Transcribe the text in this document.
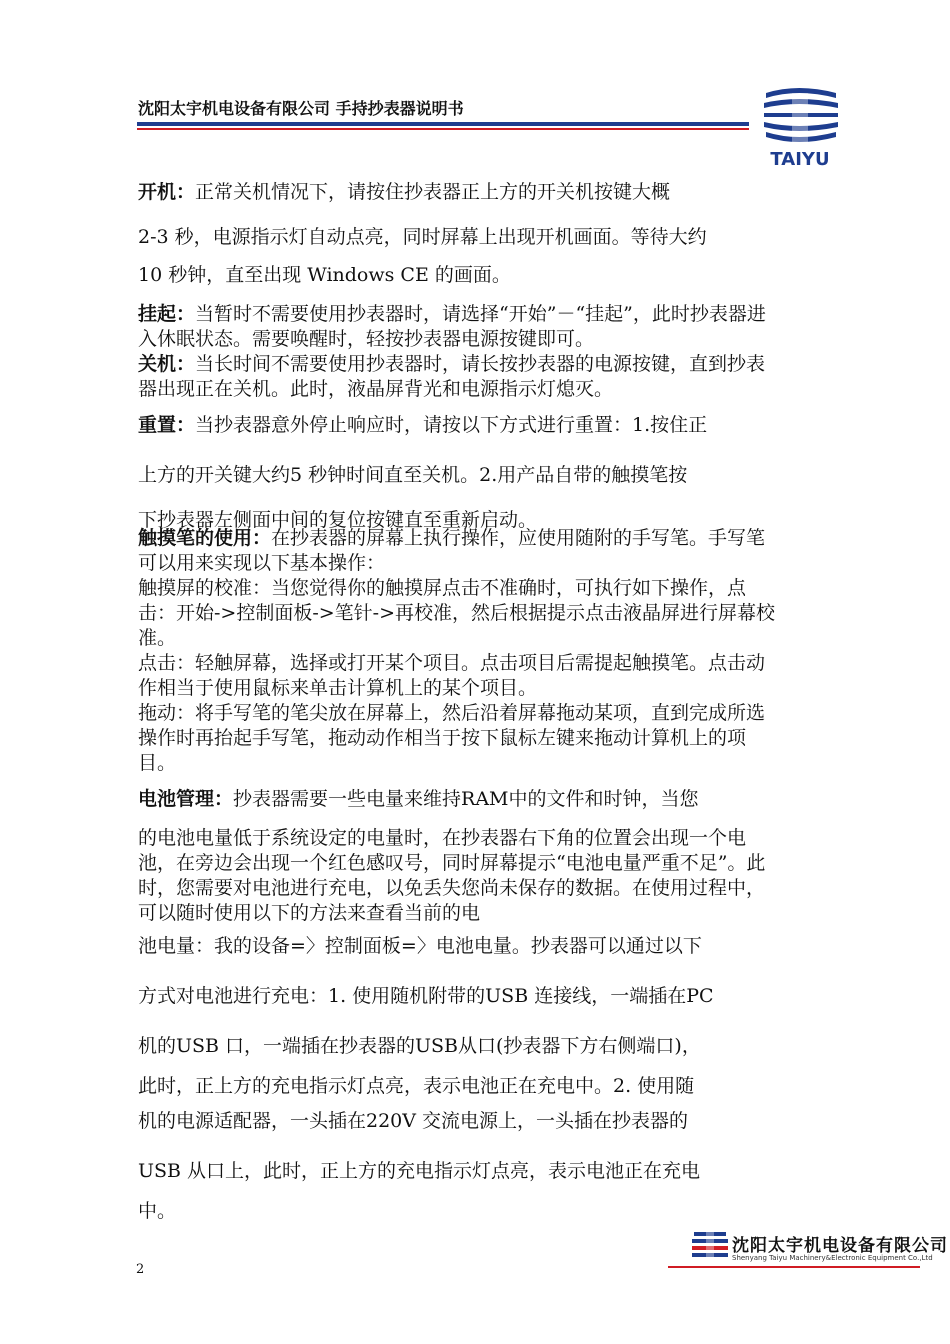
沈阳太宇机电设备有限公司 手持抄表器说明书
TAIYU
开机：正常关机情况下，请按住抄表器正上方的开关机按键大概
2-3 秒，电源指示灯自动点亮，同时屏幕上出现开机画面。等待大约
10 秒钟，直至出现 Windows CE 的画面。
挂起：当暂时不需要使用抄表器时，请选择“开始”－“挂起”，此时抄表器进入休眠状态。需要唤醒时，轻按抄表器电源按键即可。
关机：当长时间不需要使用抄表器时，请长按抄表器的电源按键，直到抄表器出现正在关机。此时，液晶屏背光和电源指示灯熄灭。
重置：当抄表器意外停止响应时，请按以下方式进行重置：1.按住正
上方的开关键大约5 秒钟时间直至关机。2.用产品自带的触摸笔按
下抄表器左侧面中间的复位按键直至重新启动。
触摸笔的使用：在抄表器的屏幕上执行操作，应使用随附的手写笔。手写笔可以用来实现以下基本操作：
触摸屏的校准：当您觉得你的触摸屏点击不准确时，可执行如下操作，点击：开始->控制面板->笔针->再校准，然后根据提示点击液晶屏进行屏幕校准。
点击：轻触屏幕，选择或打开某个项目。点击项目后需提起触摸笔。点击动作相当于使用鼠标来单击计算机上的某个项目。
拖动：将手写笔的笔尖放在屏幕上，然后沿着屏幕拖动某项，直到完成所选操作时再抬起手写笔，拖动动作相当于按下鼠标左键来拖动计算机上的项目。
电池管理：抄表器需要一些电量来维持RAM中的文件和时钟，当您
的电池电量低于系统设定的电量时，在抄表器右下角的位置会出现一个电池，在旁边会出现一个红色感叹号，同时屏幕提示“电池电量严重不足”。此时，您需要对电池进行充电，以免丢失您尚未保存的数据。在使用过程中，可以随时使用以下的方法来查看当前的电
池电量：我的设备=〉控制面板=〉电池电量。抄表器可以通过以下
方式对电池进行充电：1. 使用随机附带的USB 连接线，一端插在PC
机的USB 口，一端插在抄表器的USB从口(抄表器下方右侧端口)，
此时，正上方的充电指示灯点亮，表示电池正在充电中。2. 使用随
机的电源适配器，一头插在220V 交流电源上，一头插在抄表器的
USB 从口上，此时，正上方的充电指示灯点亮，表示电池正在充电
中。
沈阳太宇机电设备有限公司
Shenyang Taiyu Machinery&Electronic Equipment Co.,Ltd
2
